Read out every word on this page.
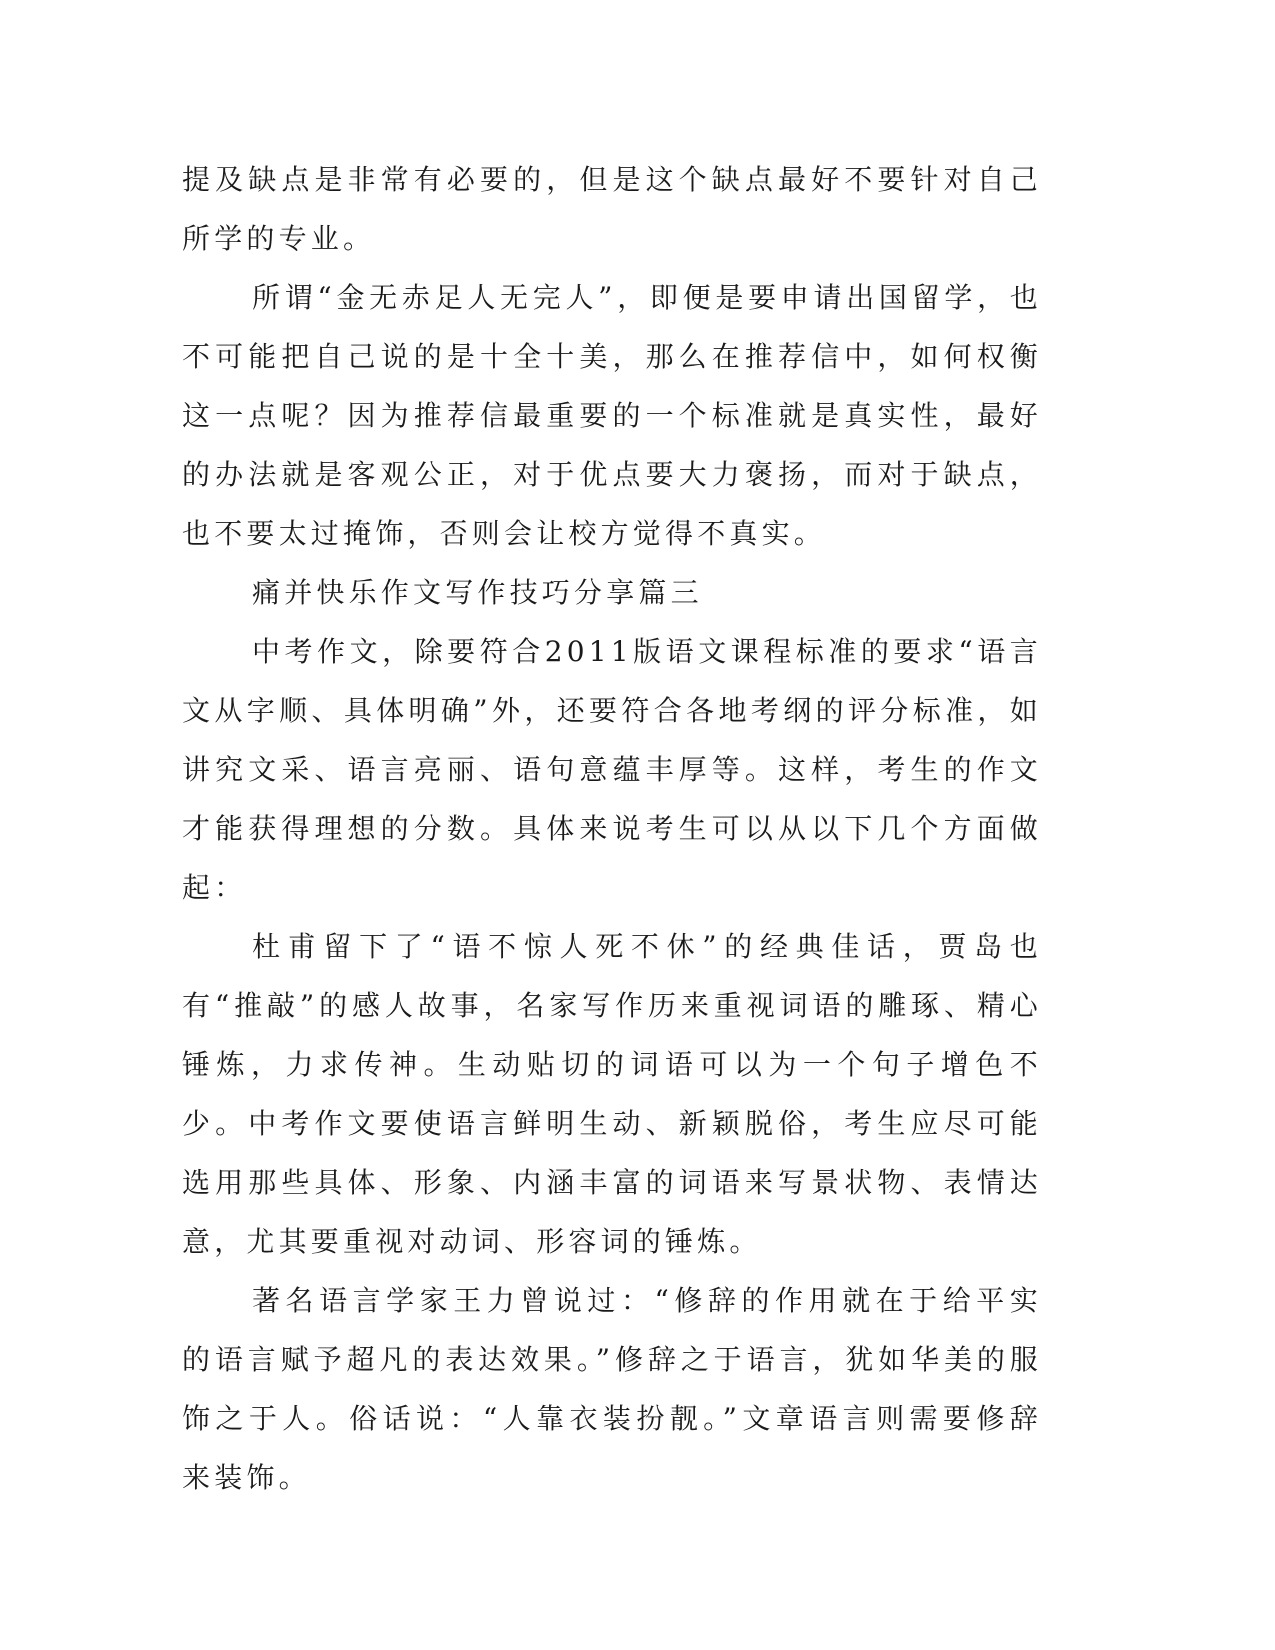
提及缺点是非常有必要的，但是这个缺点最好不要针对自己所学的专业。

所谓“金无赤足人无完人”，即便是要申请出国留学，也不可能把自己说的是十全十美，那么在推荐信中，如何权衡这一点呢？因为推荐信最重要的一个标准就是真实性，最好的办法就是客观公正，对于优点要大力褒扬，而对于缺点，也不要太过掩饰，否则会让校方觉得不真实。

痛并快乐作文写作技巧分享篇三

中考作文，除要符合2011版语文课程标准的要求“语言文从字顺、具体明确”外，还要符合各地考纲的评分标准，如讲究文采、语言亮丽、语句意蕴丰厚等。这样，考生的作文才能获得理想的分数。具体来说考生可以从以下几个方面做起：

杜甫留下了“语不惊人死不休”的经典佳话，贾岛也有“推敲”的感人故事，名家写作历来重视词语的雕琢、精心锤炼，力求传神。生动贴切的词语可以为一个句子增色不少。中考作文要使语言鲜明生动、新颖脱俗，考生应尽可能选用那些具体、形象、内涵丰富的词语来写景状物、表情达意，尤其要重视对动词、形容词的锤炼。

著名语言学家王力曾说过：“修辞的作用就在于给平实的语言赋予超凡的表达效果。”修辞之于语言，犹如华美的服饰之于人。俗话说：“人靠衣装扮靓。”文章语言则需要修辞来装饰。
